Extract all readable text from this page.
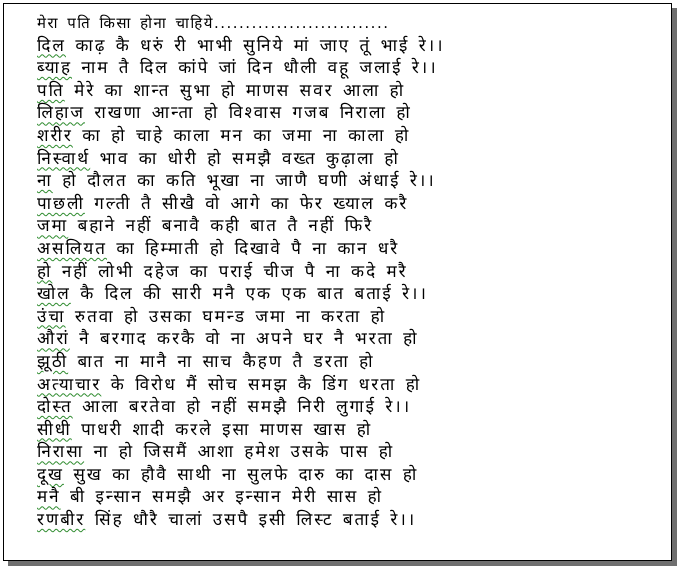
मेरा पति किसा होना चाहिये............................
दिल काढ़ कै धरुं री भाभी सुनिये मां जाए तूं भाई रे।।
ब्याह नाम तै दिल कांपे जां दिन धौली वहू जलाई रे।।
पति मेरे का शान्त सुभा हो माणस सवर आला हो
लिहाज राखणा आन्ता हो विश्वास गजब निराला हो
शरीर का हो चाहे काला मन का जमा ना काला हो
निस्वार्थ भाव का धोरी हो समझै वख्त कुढ़ाला हो
ना हो दौलत का कति भूखा ना जाणै घणी अंधाई रे।।
पाछली गल्ती तै सीखै वो आगे का फेर ख्याल करै
जमा बहाने नहीं बनावै कही बात तै नहीं फिरै
असलियत का हिम्माती हो दिखावे पै ना कान धरै
हो नहीं लोभी दहेज का पराई चीज पै ना कदे मरै
खोल कै दिल की सारी मनै एक एक बात बताई रे।।
उंचा रुतवा हो उसका घमन्ड जमा ना करता हो
औरां नै बरगाद करकै वो ना अपने घर नै भरता हो
झूठी बात ना मानै ना साच कैहण तै डरता हो
अत्याचार के विरोध मैं सोच समझ कै डिंग धरता हो
दोस्त आला बरतेवा हो नहीं समझै निरी लुगाई रे।।
सीधी पाधरी शादी करले इसा माणस खास हो
निरासा ना हो जिसमैं आशा हमेश उसके पास हो
दूख सुख का हौवै साथी ना सुलफे दारु का दास हो
मनै बी इन्सान समझै अर इन्सान मेरी सास हो
रणबीर सिंह धौरै चालां उसपै इसी लिस्ट बताई रे।।
